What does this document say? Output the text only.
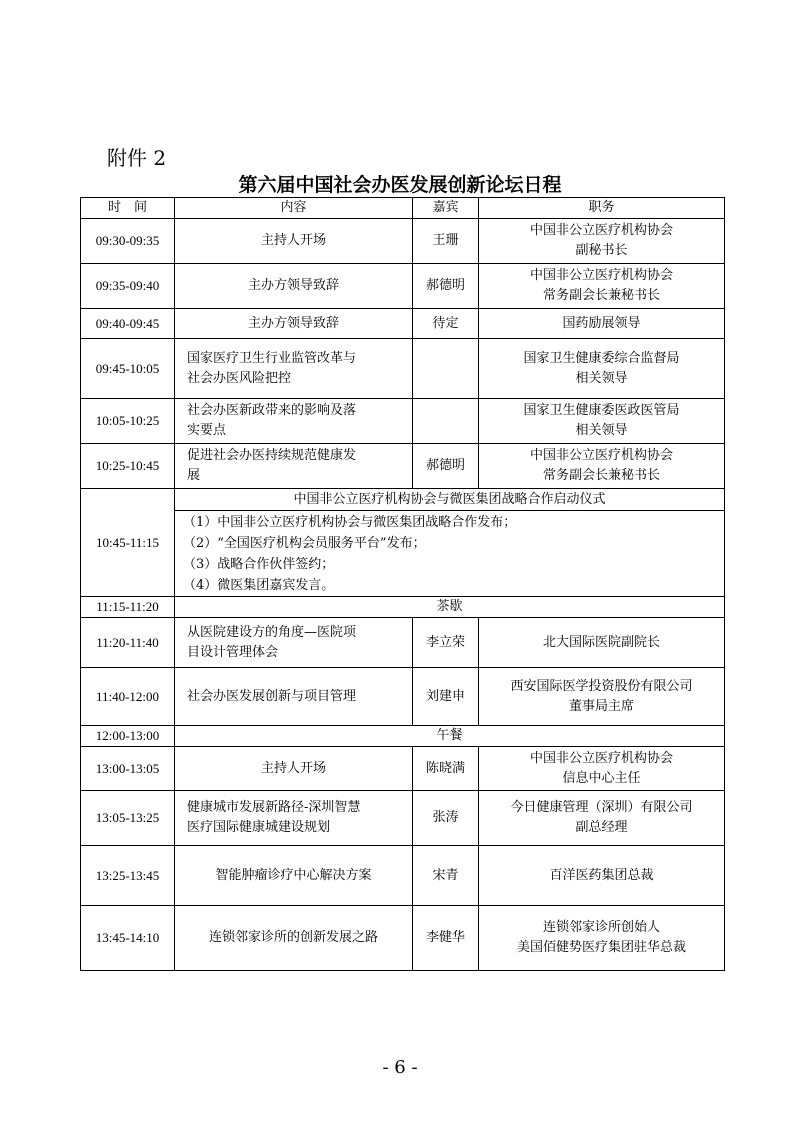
附件 2
第六届中国社会办医发展创新论坛日程
时　间	内容	嘉宾	职务
09:30-09:35	主持人开场	王珊	中国非公立医疗机构协会
副秘书长
09:35-09:40	主办方领导致辞	郝德明	中国非公立医疗机构协会
常务副会长兼秘书长
09:40-09:45	主办方领导致辞	待定	国药励展领导
09:45-10:05	国家医疗卫生行业监管改革与
社会办医风险把控		国家卫生健康委综合监督局
相关领导
10:05-10:25	社会办医新政带来的影响及落
实要点		国家卫生健康委医政医管局
相关领导
10:25-10:45	促进社会办医持续规范健康发
展	郝德明	中国非公立医疗机构协会
常务副会长兼秘书长
10:45-11:15	中国非公立医疗机构协会与微医集团战略合作启动仪式		

	（1）中国非公立医疗机构协会与微医集团战略合作发布；
（2）“全国医疗机构会员服务平台”发布；
（3）战略合作伙伴签约；
（4）微医集团嘉宾发言。		

11:15-11:20	茶歇		
11:20-11:40	从医院建设方的角度—医院项
目设计管理体会	李立荣	北大国际医院副院长
11:40-12:00	社会办医发展创新与项目管理	刘建申	西安国际医学投资股份有限公司
董事局主席
12:00-13:00	午餐		
13:00-13:05	主持人开场	陈晓满	中国非公立医疗机构协会
信息中心主任
13:05-13:25	健康城市发展新路径-深圳智慧
医疗国际健康城建设规划	张涛	今日健康管理（深圳）有限公司
副总经理
13:25-13:45	智能肿瘤诊疗中心解决方案	宋青	百洋医药集团总裁
13:45-14:10	连锁邻家诊所的创新发展之路	李健华	连锁邻家诊所创始人
美国佰健势医疗集团驻华总裁
- 6 -
